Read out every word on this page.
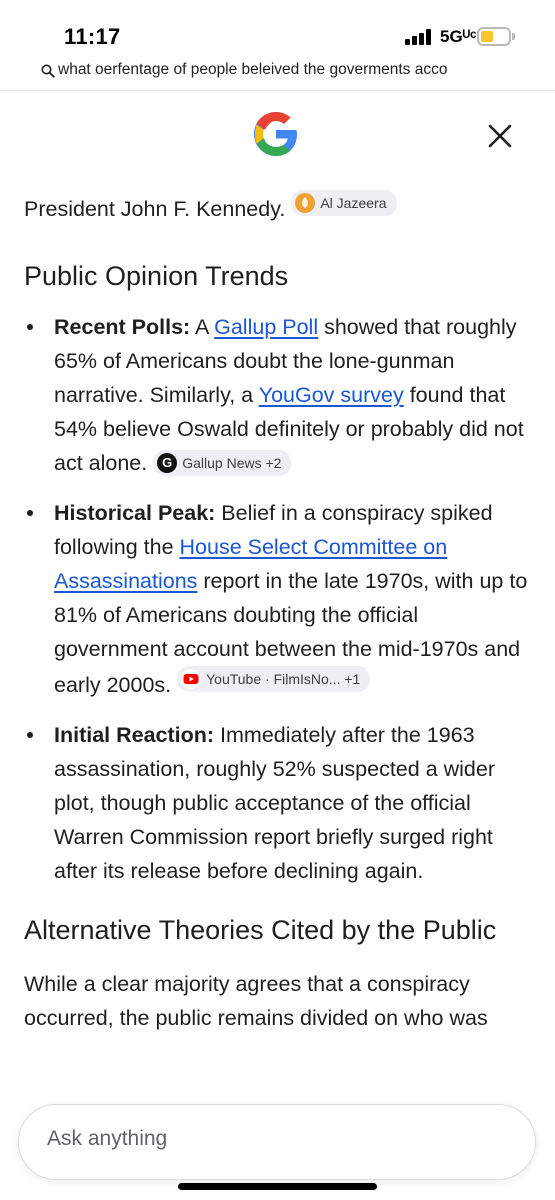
11:17	5Gᵁᶜ
what oerfentage of people beleived the goverments acco

President John F. Kennedy. Al Jazeera

Public Opinion Trends
Recent Polls: A Gallup Poll showed that roughly 65% of Americans doubt the lone-gunman narrative. Similarly, a YouGov survey found that 54% believe Oswald definitely or probably did not act alone. G Gallup News +2
Historical Peak: Belief in a conspiracy spiked following the House Select Committee on Assassinations report in the late 1970s, with up to 81% of Americans doubting the official government account between the mid-1970s and early 2000s. YouTube · FilmIsNo... +1
Initial Reaction: Immediately after the 1963 assassination, roughly 52% suspected a wider plot, though public acceptance of the official Warren Commission report briefly surged right after its release before declining again.
Alternative Theories Cited by the Public

While a clear majority agrees that a conspiracy occurred, the public remains divided on who was

Ask anything
